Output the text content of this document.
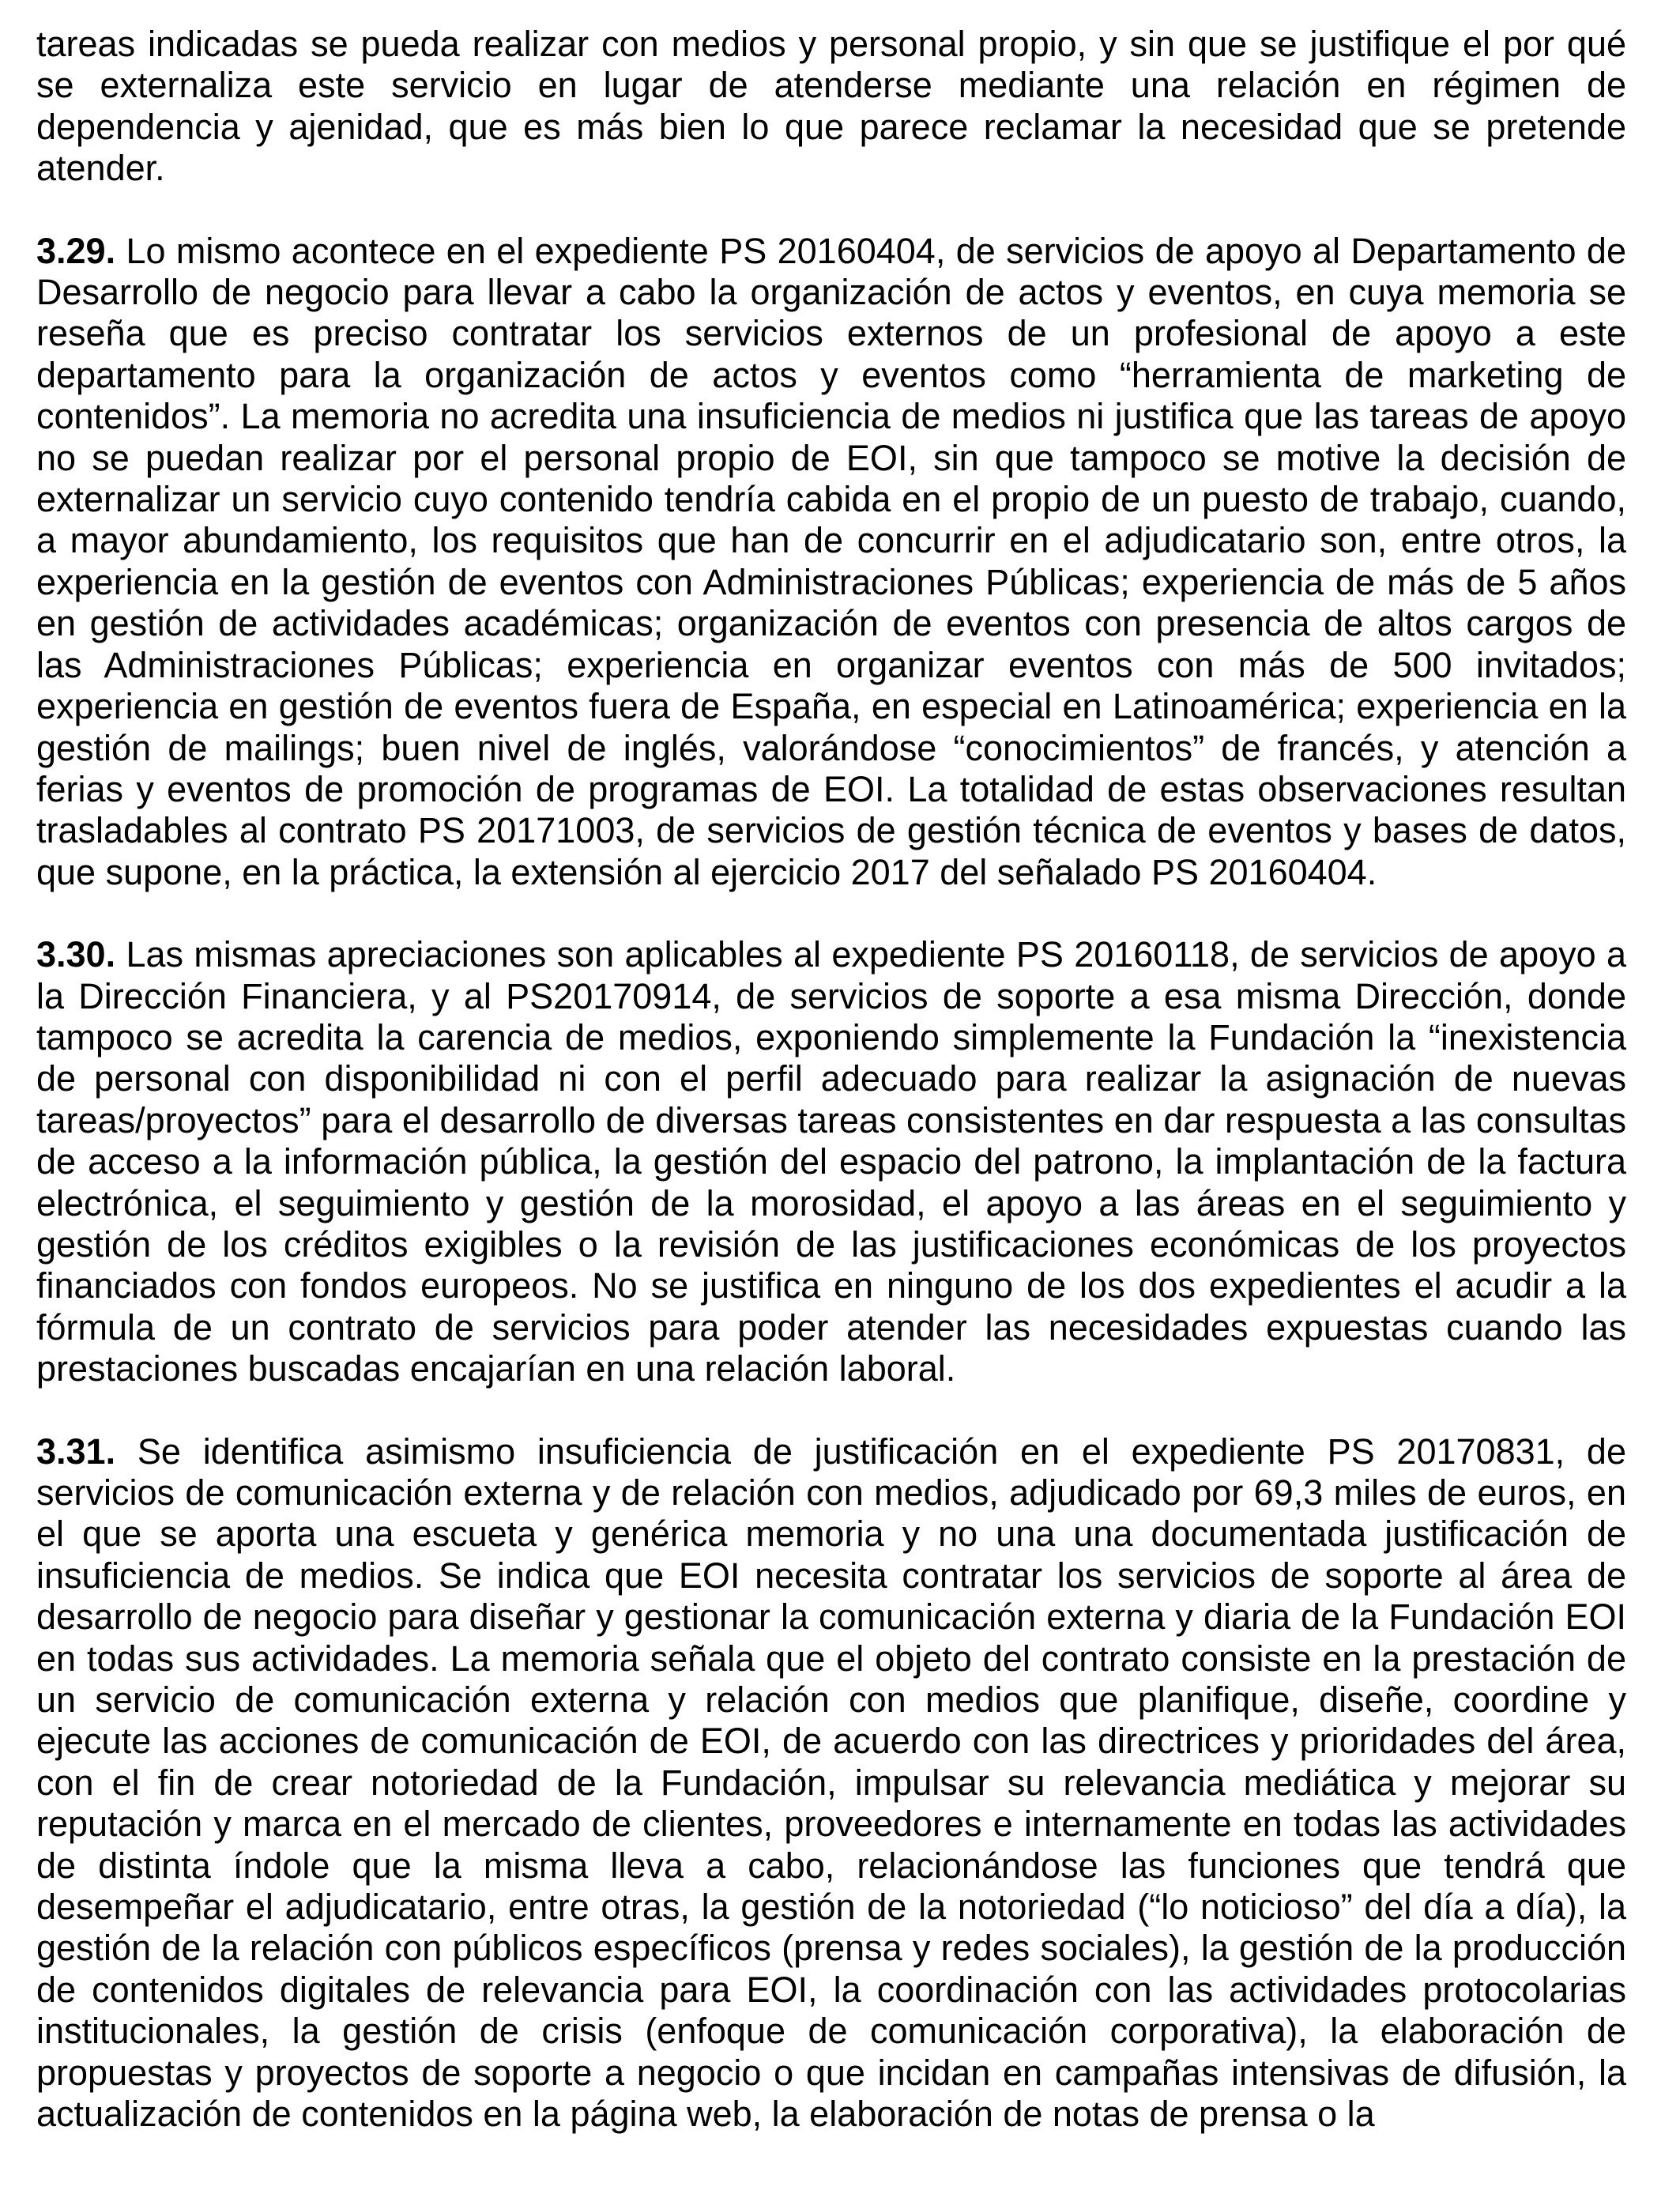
tareas indicadas se pueda realizar con medios y personal propio, y sin que se justifique el por qué se externaliza este servicio en lugar de atenderse mediante una relación en régimen de dependencia y ajenidad, que es más bien lo que parece reclamar la necesidad que se pretende atender.

3.29. Lo mismo acontece en el expediente PS 20160404, de servicios de apoyo al Departamento de Desarrollo de negocio para llevar a cabo la organización de actos y eventos, en cuya memoria se reseña que es preciso contratar los servicios externos de un profesional de apoyo a este departamento para la organización de actos y eventos como “herramienta de marketing de contenidos”. La memoria no acredita una insuficiencia de medios ni justifica que las tareas de apoyo no se puedan realizar por el personal propio de EOI, sin que tampoco se motive la decisión de externalizar un servicio cuyo contenido tendría cabida en el propio de un puesto de trabajo, cuando, a mayor abundamiento, los requisitos que han de concurrir en el adjudicatario son, entre otros, la experiencia en la gestión de eventos con Administraciones Públicas; experiencia de más de 5 años en gestión de actividades académicas; organización de eventos con presencia de altos cargos de las Administraciones Públicas; experiencia en organizar eventos con más de 500 invitados; experiencia en gestión de eventos fuera de España, en especial en Latinoamérica; experiencia en la gestión de mailings; buen nivel de inglés, valorándose “conocimientos” de francés, y atención a ferias y eventos de promoción de programas de EOI. La totalidad de estas observaciones resultan trasladables al contrato PS 20171003, de servicios de gestión técnica de eventos y bases de datos, que supone, en la práctica, la extensión al ejercicio 2017 del señalado PS 20160404.

3.30. Las mismas apreciaciones son aplicables al expediente PS 20160118, de servicios de apoyo a la Dirección Financiera, y al PS20170914, de servicios de soporte a esa misma Dirección, donde tampoco se acredita la carencia de medios, exponiendo simplemente la Fundación la “inexistencia de personal con disponibilidad ni con el perfil adecuado para realizar la asignación de nuevas tareas/proyectos” para el desarrollo de diversas tareas consistentes en dar respuesta a las consultas de acceso a la información pública, la gestión del espacio del patrono, la implantación de la factura electrónica, el seguimiento y gestión de la morosidad, el apoyo a las áreas en el seguimiento y gestión de los créditos exigibles o la revisión de las justificaciones económicas de los proyectos financiados con fondos europeos. No se justifica en ninguno de los dos expedientes el acudir a la fórmula de un contrato de servicios para poder atender las necesidades expuestas cuando las prestaciones buscadas encajarían en una relación laboral.

3.31. Se identifica asimismo insuficiencia de justificación en el expediente PS 20170831, de servicios de comunicación externa y de relación con medios, adjudicado por 69,3 miles de euros, en el que se aporta una escueta y genérica memoria y no una una documentada justificación de insuficiencia de medios. Se indica que EOI necesita contratar los servicios de soporte al área de desarrollo de negocio para diseñar y gestionar la comunicación externa y diaria de la Fundación EOI en todas sus actividades. La memoria señala que el objeto del contrato consiste en la prestación de un servicio de comunicación externa y relación con medios que planifique, diseñe, coordine y ejecute las acciones de comunicación de EOI, de acuerdo con las directrices y prioridades del área, con el fin de crear notoriedad de la Fundación, impulsar su relevancia mediática y mejorar su reputación y marca en el mercado de clientes, proveedores e internamente en todas las actividades de distinta índole que la misma lleva a cabo, relacionándose las funciones que tendrá que desempeñar el adjudicatario, entre otras, la gestión de la notoriedad (“lo noticioso” del día a día), la gestión de la relación con públicos específicos (prensa y redes sociales), la gestión de la producción de contenidos digitales de relevancia para EOI, la coordinación con las actividades protocolarias institucionales, la gestión de crisis (enfoque de comunicación corporativa), la elaboración de propuestas y proyectos de soporte a negocio o que incidan en campañas intensivas de difusión, la actualización de contenidos en la página web, la elaboración de notas de prensa o la
